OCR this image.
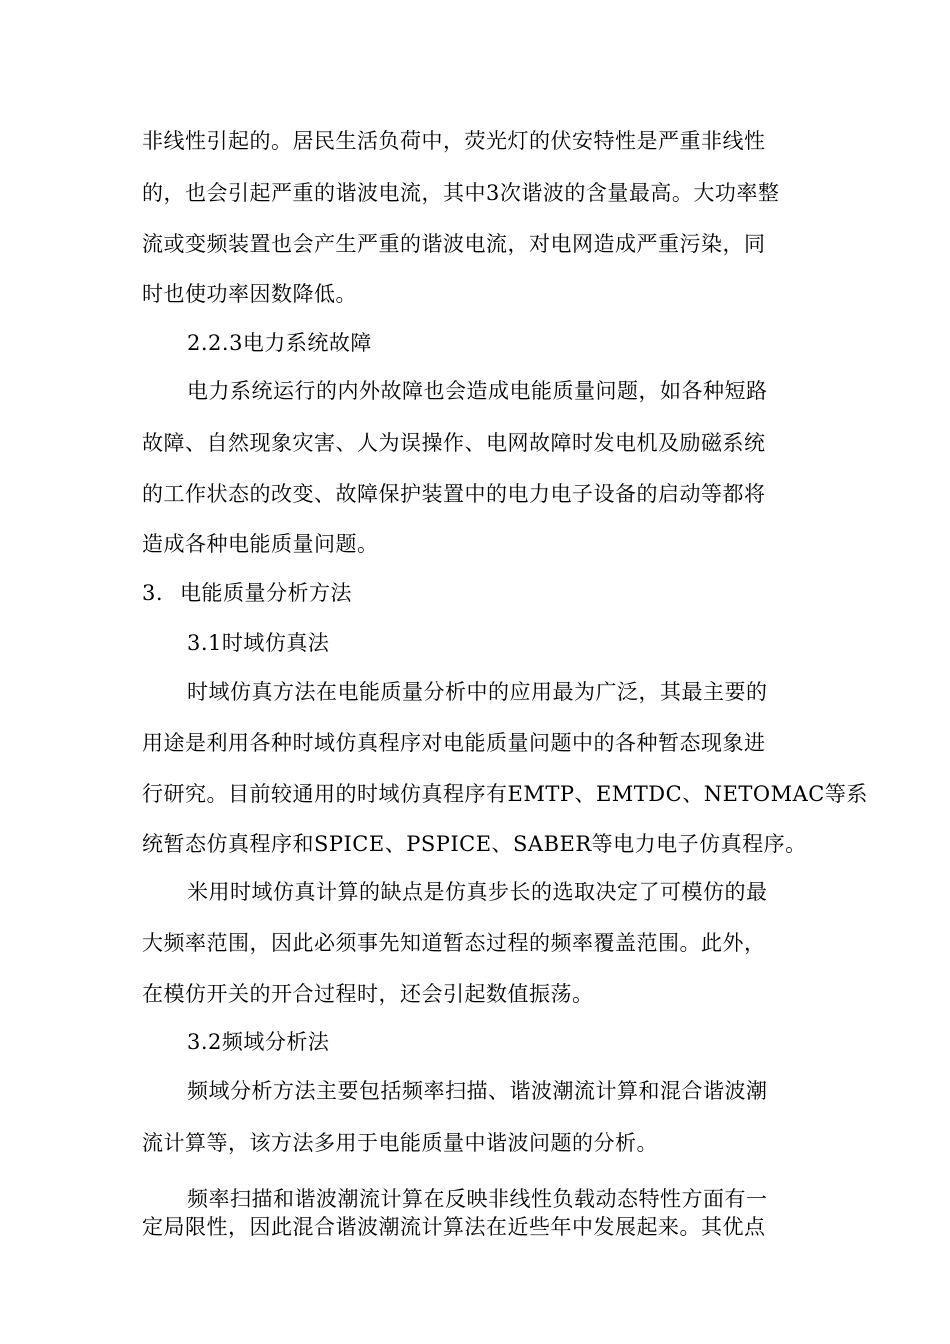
非线性引起的。居民生活负荷中，荧光灯的伏安特性是严重非线性

的，也会引起严重的谐波电流，其中3次谐波的含量最高。大功率整

流或变频装置也会产生严重的谐波电流，对电网造成严重污染，同

时也使功率因数降低。

2.2.3电力系统故障

电力系统运行的内外故障也会造成电能质量问题，如各种短路

故障、自然现象灾害、人为误操作、电网故障时发电机及励磁系统

的工作状态的改变、故障保护装置中的电力电子设备的启动等都将

造成各种电能质量问题。

3. 电能质量分析方法

3.1时域仿真法

时域仿真方法在电能质量分析中的应用最为广泛，其最主要的

用途是利用各种时域仿真程序对电能质量问题中的各种暂态现象进

行研究。目前较通用的时域仿真程序有EMTP、EMTDC、NETOMAC等系

统暂态仿真程序和SPICE、PSPICE、SABER等电力电子仿真程序。

米用时域仿真计算的缺点是仿真步长的选取决定了可模仿的最

大频率范围，因此必须事先知道暂态过程的频率覆盖范围。此外，

在模仿开关的开合过程时，还会引起数值振荡。

3.2频域分析法

频域分析方法主要包括频率扫描、谐波潮流计算和混合谐波潮

流计算等，该方法多用于电能质量中谐波问题的分析。

频率扫描和谐波潮流计算在反映非线性负载动态特性方面有一

定局限性，因此混合谐波潮流计算法在近些年中发展起来。其优点
